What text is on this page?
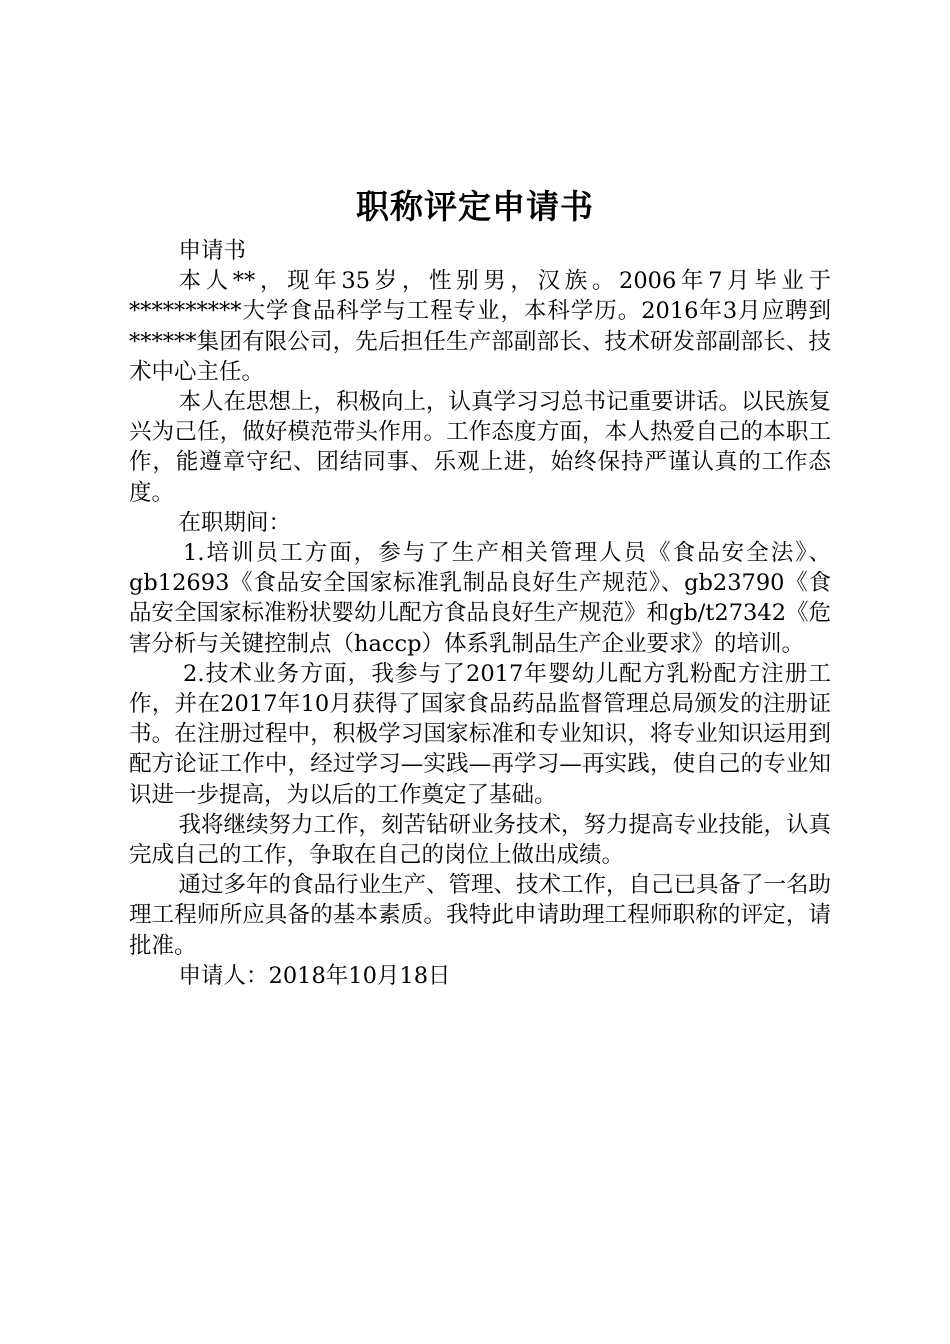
职称评定申请书

申请书

本人**，现年35岁，性别男，汉族。2006年7月毕业于**********大学食品科学与工程专业，本科学历。2016年3月应聘到******集团有限公司，先后担任生产部副部长、技术研发部副部长、技术中心主任。

本人在思想上，积极向上，认真学习习总书记重要讲话。以民族复兴为己任，做好模范带头作用。工作态度方面，本人热爱自己的本职工作，能遵章守纪、团结同事、乐观上进，始终保持严谨认真的工作态度。

在职期间：

1.培训员工方面，参与了生产相关管理人员《食品安全法》、gb12693《食品安全国家标准乳制品良好生产规范》、gb23790《食品安全国家标准粉状婴幼儿配方食品良好生产规范》和gb/t27342《危害分析与关键控制点（haccp）体系乳制品生产企业要求》的培训。

2.技术业务方面，我参与了2017年婴幼儿配方乳粉配方注册工作，并在2017年10月获得了国家食品药品监督管理总局颁发的注册证书。在注册过程中，积极学习国家标准和专业知识，将专业知识运用到配方论证工作中，经过学习—实践—再学习—再实践，使自己的专业知识进一步提高，为以后的工作奠定了基础。

我将继续努力工作，刻苦钻研业务技术，努力提高专业技能，认真完成自己的工作，争取在自己的岗位上做出成绩。

通过多年的食品行业生产、管理、技术工作，自己已具备了一名助理工程师所应具备的基本素质。我特此申请助理工程师职称的评定，请批准。

申请人：2018年10月18日
